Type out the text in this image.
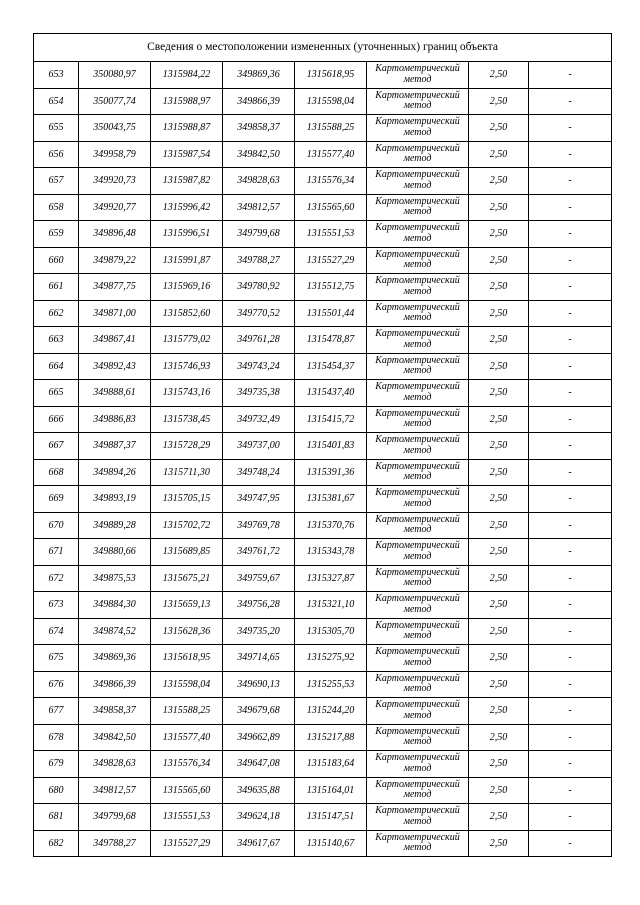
Сведения о местоположении измененных (уточненных) границ объекта							
653	350080,97	1315984,22	349869,36	1315618,95	Картометрический метод	2,50	-
654	350077,74	1315988,97	349866,39	1315598,04	Картометрический метод	2,50	-
655	350043,75	1315988,87	349858,37	1315588,25	Картометрический метод	2,50	-
656	349958,79	1315987,54	349842,50	1315577,40	Картометрический метод	2,50	-
657	349920,73	1315987,82	349828,63	1315576,34	Картометрический метод	2,50	-
658	349920,77	1315996,42	349812,57	1315565,60	Картометрический метод	2,50	-
659	349896,48	1315996,51	349799,68	1315551,53	Картометрический метод	2,50	-
660	349879,22	1315991,87	349788,27	1315527,29	Картометрический метод	2,50	-
661	349877,75	1315969,16	349780,92	1315512,75	Картометрический метод	2,50	-
662	349871,00	1315852,60	349770,52	1315501,44	Картометрический метод	2,50	-
663	349867,41	1315779,02	349761,28	1315478,87	Картометрический метод	2,50	-
664	349892,43	1315746,93	349743,24	1315454,37	Картометрический метод	2,50	-
665	349888,61	1315743,16	349735,38	1315437,40	Картометрический метод	2,50	-
666	349886,83	1315738,45	349732,49	1315415,72	Картометрический метод	2,50	-
667	349887,37	1315728,29	349737,00	1315401,83	Картометрический метод	2,50	-
668	349894,26	1315711,30	349748,24	1315391,36	Картометрический метод	2,50	-
669	349893,19	1315705,15	349747,95	1315381,67	Картометрический метод	2,50	-
670	349889,28	1315702,72	349769,78	1315370,76	Картометрический метод	2,50	-
671	349880,66	1315689,85	349761,72	1315343,78	Картометрический метод	2,50	-
672	349875,53	1315675,21	349759,67	1315327,87	Картометрический метод	2,50	-
673	349884,30	1315659,13	349756,28	1315321,10	Картометрический метод	2,50	-
674	349874,52	1315628,36	349735,20	1315305,70	Картометрический метод	2,50	-
675	349869,36	1315618,95	349714,65	1315275,92	Картометрический метод	2,50	-
676	349866,39	1315598,04	349690,13	1315255,53	Картометрический метод	2,50	-
677	349858,37	1315588,25	349679,68	1315244,20	Картометрический метод	2,50	-
678	349842,50	1315577,40	349662,89	1315217,88	Картометрический метод	2,50	-
679	349828,63	1315576,34	349647,08	1315183,64	Картометрический метод	2,50	-
680	349812,57	1315565,60	349635,88	1315164,01	Картометрический метод	2,50	-
681	349799,68	1315551,53	349624,18	1315147,51	Картометрический метод	2,50	-
682	349788,27	1315527,29	349617,67	1315140,67	Картометрический метод	2,50	-
